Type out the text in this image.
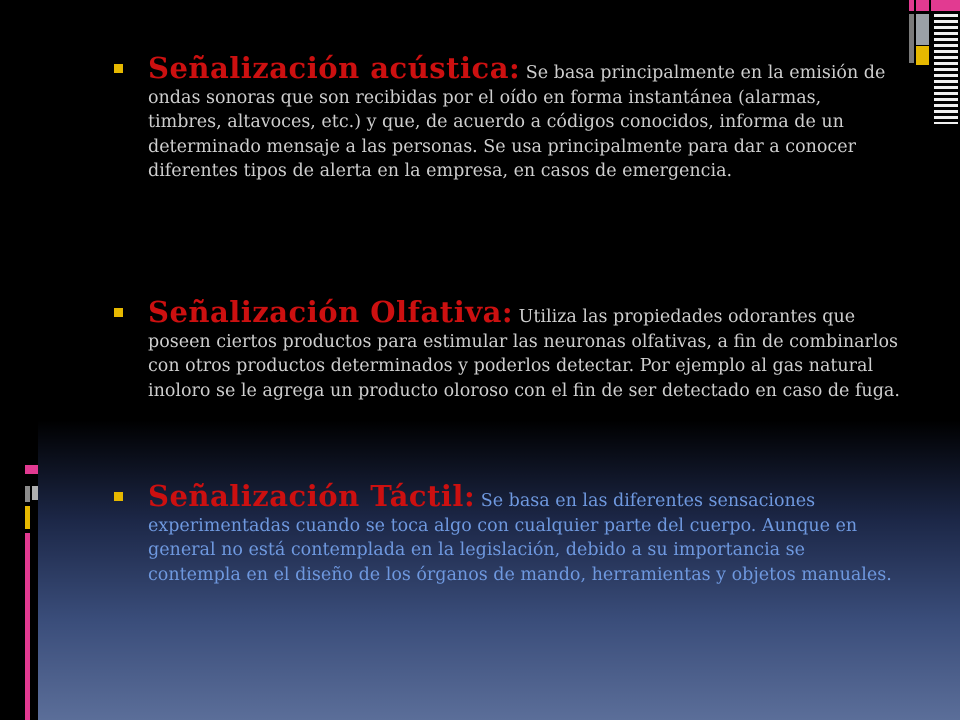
Señalización acústica: Se basa principalmente en la emisión de ondas sonoras que son recibidas por el oído en forma instantánea (alarmas, timbres, altavoces, etc.) y que, de acuerdo a códigos conocidos, informa de un determinado mensaje a las personas. Se usa principalmente para dar a conocer diferentes tipos de alerta en la empresa, en casos de emergencia.
Señalización Olfativa: Utiliza las propiedades odorantes que poseen ciertos productos para estimular las neuronas olfativas, a fin de combinarlos con otros productos determinados y poderlos detectar. Por ejemplo al gas natural inoloro se le agrega un producto oloroso con el fin de ser detectado en caso de fuga.
Señalización Táctil: Se basa en las diferentes sensaciones experimentadas cuando se toca algo con cualquier parte del cuerpo. Aunque en general no está contemplada en la legislación, debido a su importancia se contempla en el diseño de los órganos de mando, herramientas y objetos manuales.
